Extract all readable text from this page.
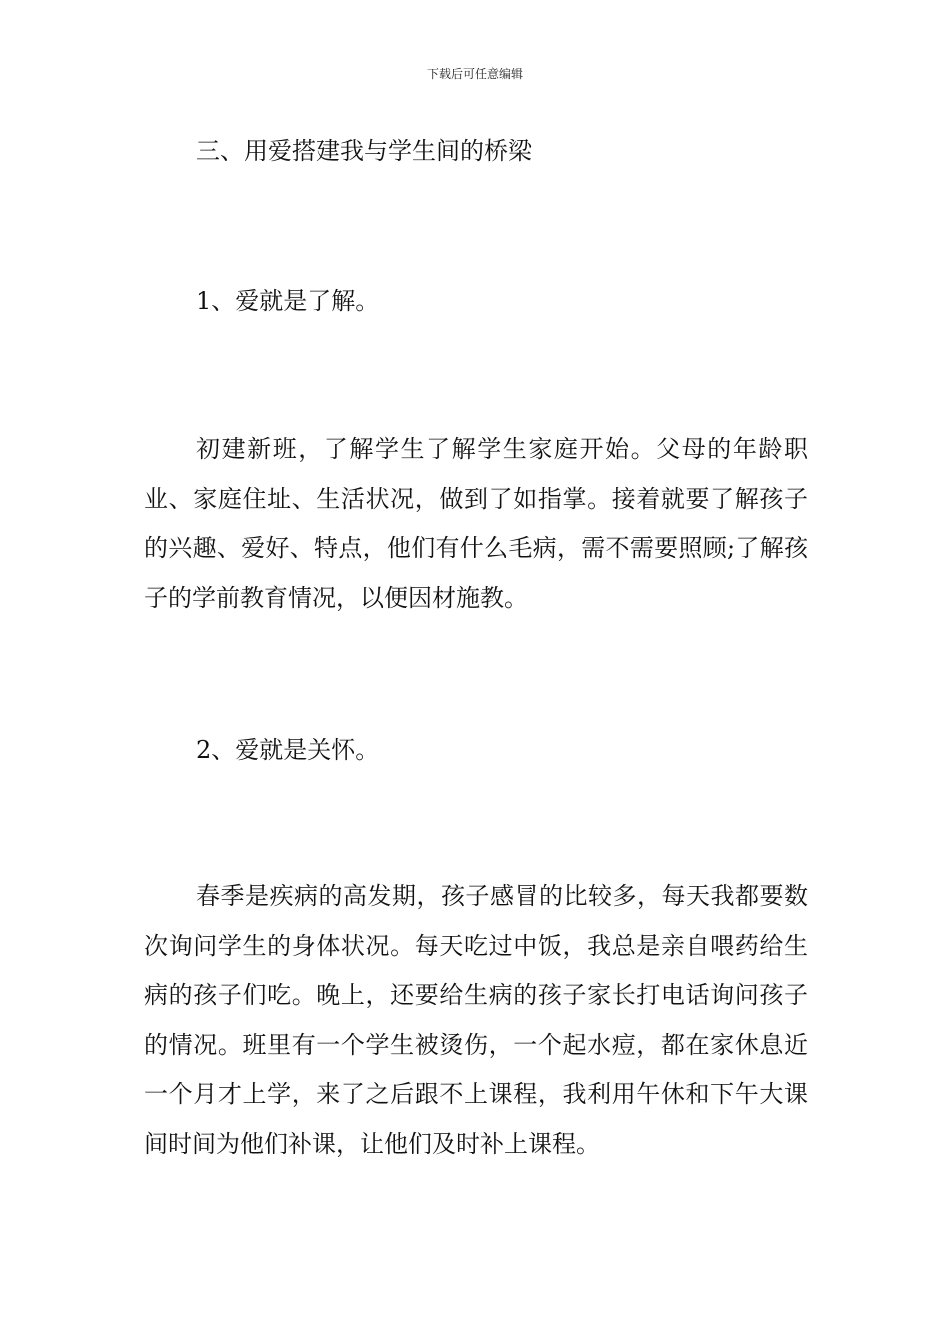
下载后可任意编辑
三、用爱搭建我与学生间的桥梁
1、爱就是了解。

初建新班，了解学生了解学生家庭开始。父母的年龄职业、家庭住址、生活状况，做到了如指掌。接着就要了解孩子的兴趣、爱好、特点，他们有什么毛病，需不需要照顾;了解孩子的学前教育情况，以便因材施教。

2、爱就是关怀。

春季是疾病的高发期，孩子感冒的比较多，每天我都要数次询问学生的身体状况。每天吃过中饭，我总是亲自喂药给生病的孩子们吃。晚上，还要给生病的孩子家长打电话询问孩子的情况。班里有一个学生被烫伤，一个起水痘，都在家休息近一个月才上学，来了之后跟不上课程，我利用午休和下午大课间时间为他们补课，让他们及时补上课程。
